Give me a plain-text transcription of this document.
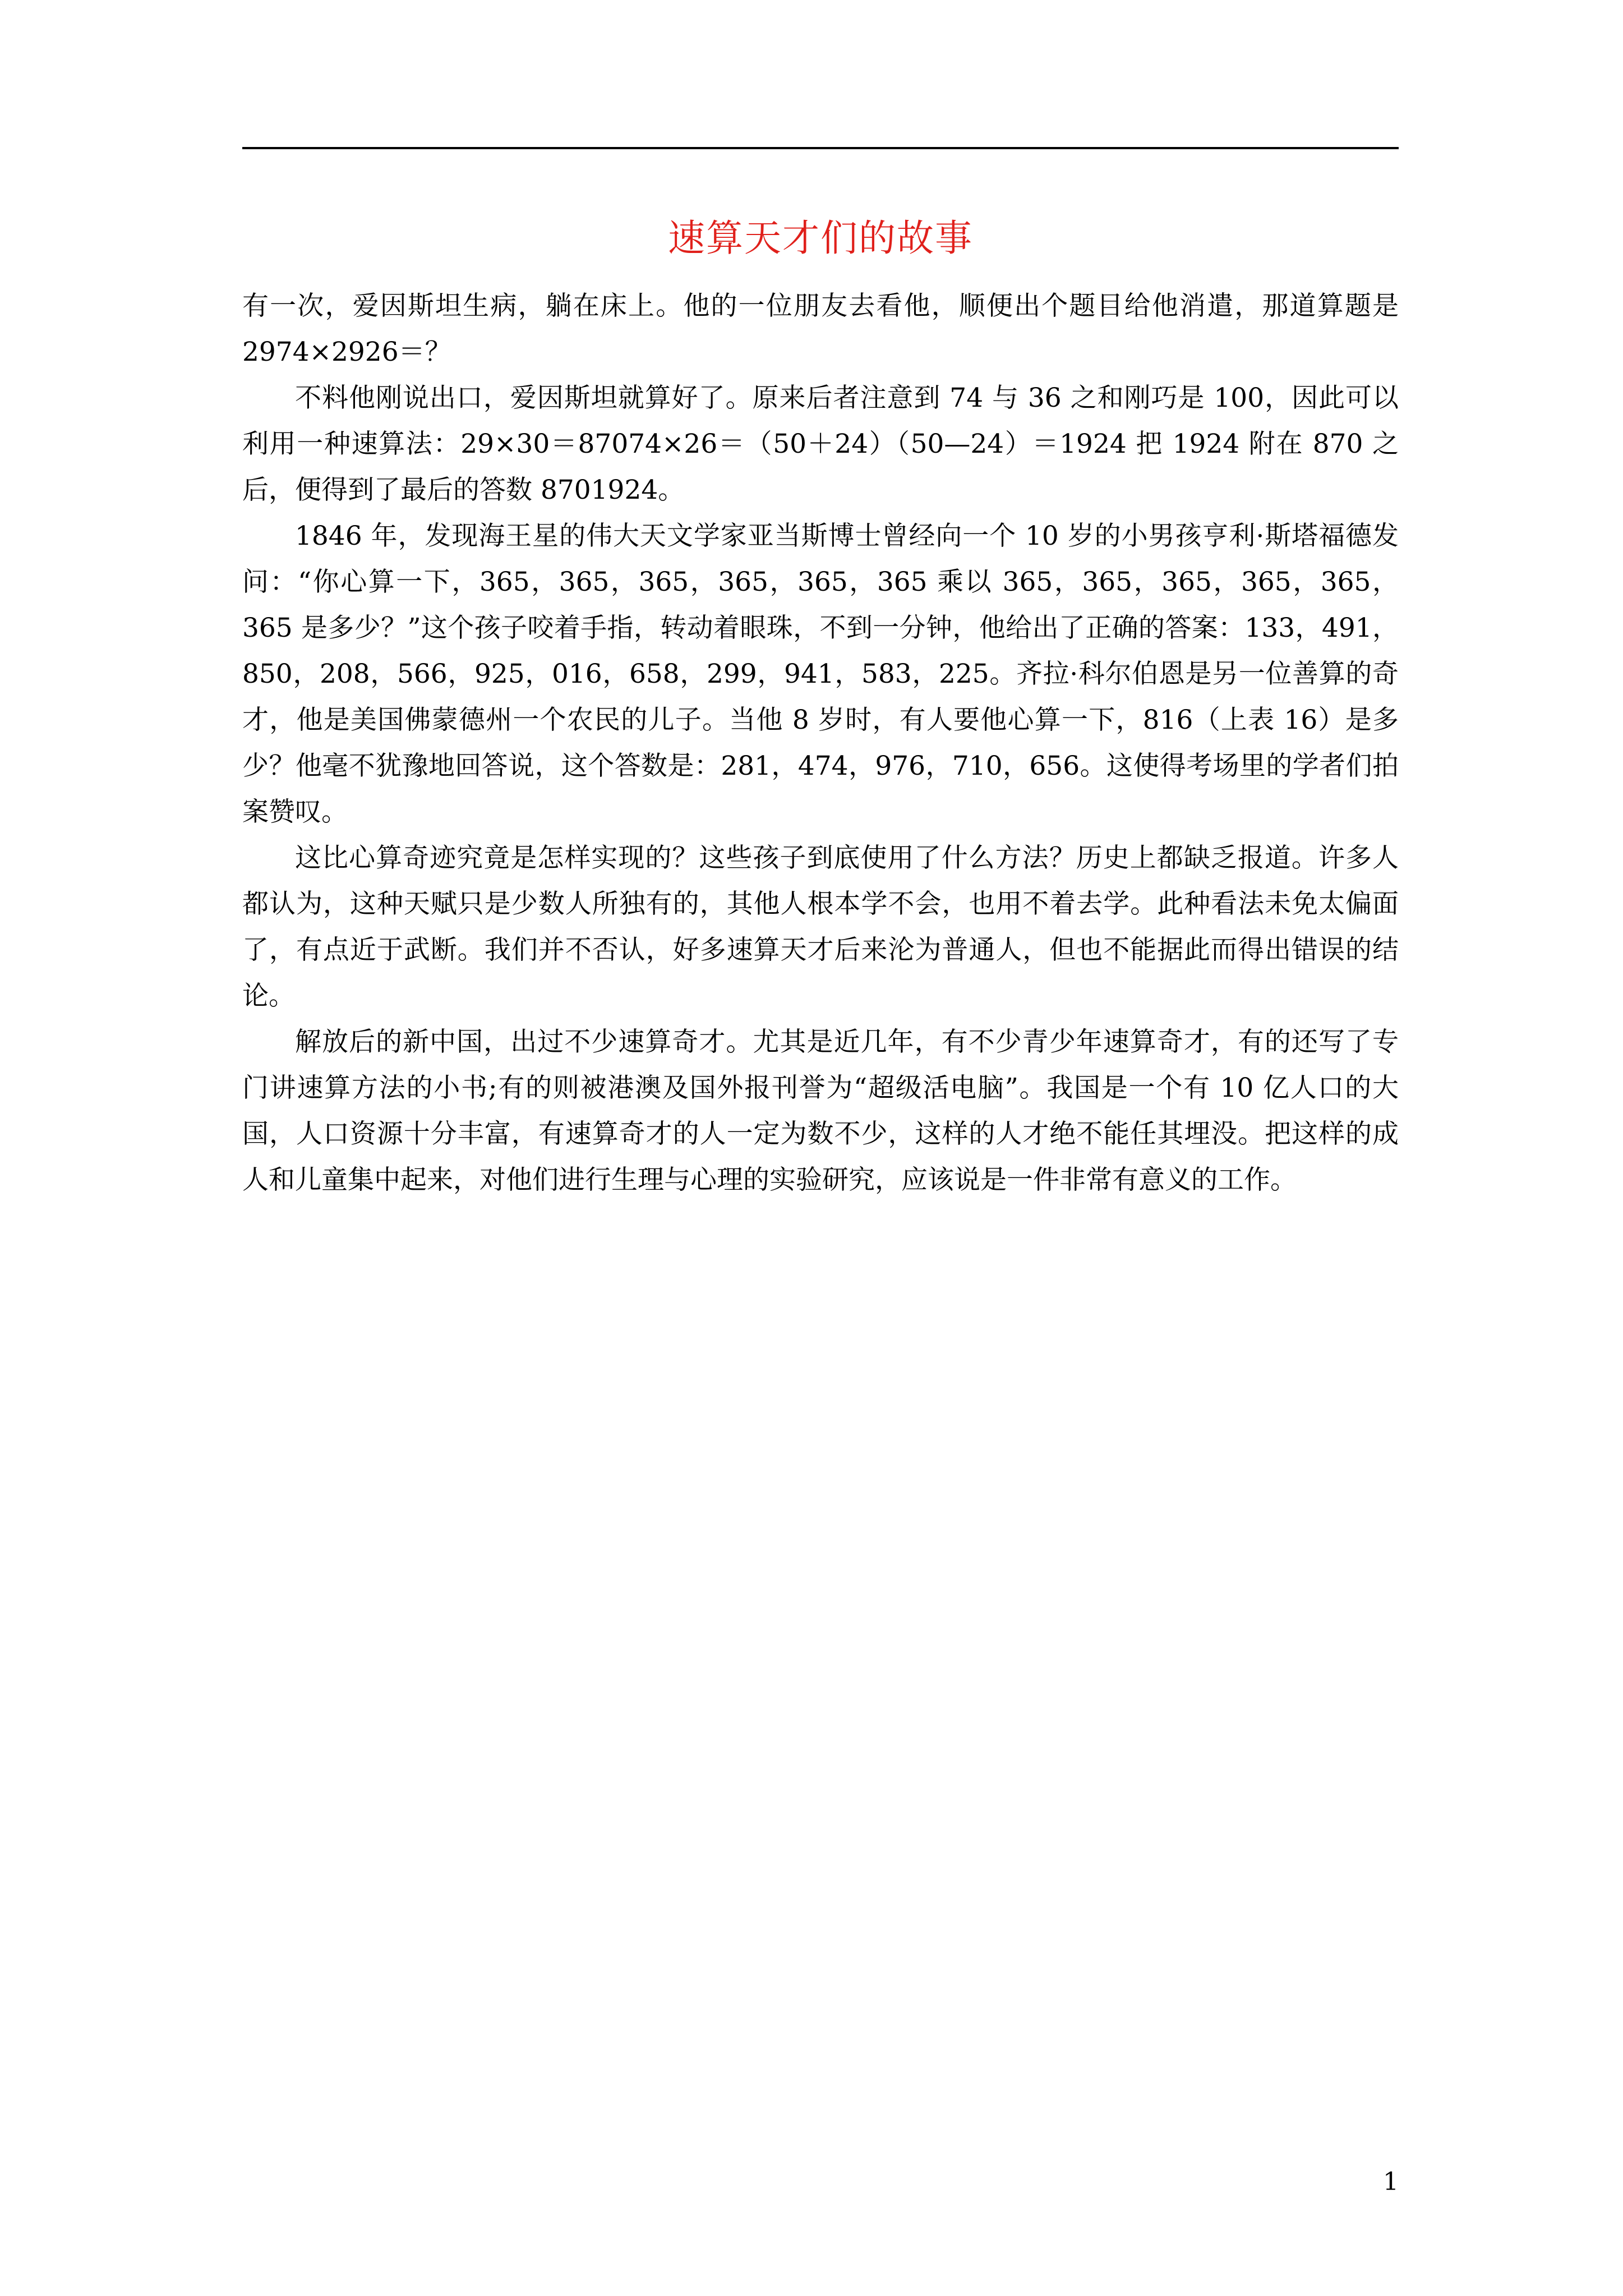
速算天才们的故事

有一次，爱因斯坦生病，躺在床上。他的一位朋友去看他，顺便出个题目给他消遣，那道算题是 2974×2926＝？

不料他刚说出口，爱因斯坦就算好了。原来后者注意到 74 与 36 之和刚巧是 100，因此可以利用一种速算法：29×30＝87074×26＝（50＋24）（50—24）＝1924 把 1924 附在 870 之后，便得到了最后的答数 8701924。

1846 年，发现海王星的伟大天文学家亚当斯博士曾经向一个 10 岁的小男孩亨利·斯塔福德发问：“你心算一下，365，365，365，365，365，365 乘以 365，365，365，365，365，365 是多少？”这个孩子咬着手指，转动着眼珠，不到一分钟，他给出了正确的答案：133，491，850，208，566，925，016，658，299，941，583，225。齐拉·科尔伯恩是另一位善算的奇才，他是美国佛蒙德州一个农民的儿子。当他 8 岁时，有人要他心算一下，816（上表 16）是多少？他毫不犹豫地回答说，这个答数是：281，474，976，710，656。这使得考场里的学者们拍案赞叹。

这比心算奇迹究竟是怎样实现的？这些孩子到底使用了什么方法？历史上都缺乏报道。许多人都认为，这种天赋只是少数人所独有的，其他人根本学不会，也用不着去学。此种看法未免太偏面了，有点近于武断。我们并不否认，好多速算天才后来沦为普通人，但也不能据此而得出错误的结论。

解放后的新中国，出过不少速算奇才。尤其是近几年，有不少青少年速算奇才，有的还写了专门讲速算方法的小书;有的则被港澳及国外报刊誉为“超级活电脑”。我国是一个有 10 亿人口的大国，人口资源十分丰富，有速算奇才的人一定为数不少，这样的人才绝不能任其埋没。把这样的成人和儿童集中起来，对他们进行生理与心理的实验研究，应该说是一件非常有意义的工作。

1
